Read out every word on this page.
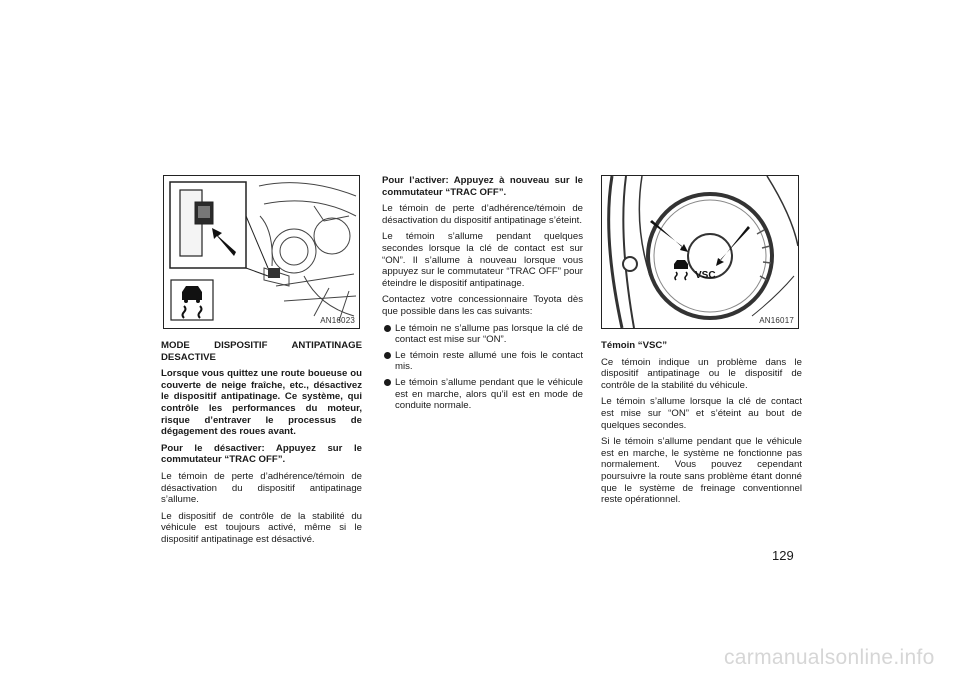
AN16023
VSC
AN16017

MODE DISPOSITIF ANTIPATINAGE

DESACTIVE

Lorsque vous quittez une route boueuse ou couverte de neige fraîche, etc., désactivez le dispositif antipatinage. Ce système, qui contrôle les performances du moteur, risque d’entraver le processus de dégagement des roues avant.

Pour le désactiver: Appuyez sur le commutateur “TRAC OFF”.

Le témoin de perte d’adhérence/témoin de désactivation du dispositif antipatinage s’allume.

Le dispositif de contrôle de la stabilité du véhicule est toujours activé, même si le dispositif antipatinage est désactivé.

Pour l’activer: Appuyez à nouveau sur le commutateur “TRAC OFF”.

Le témoin de perte d’adhérence/témoin de désactivation du dispositif antipatinage s’éteint.

Le témoin s’allume pendant quelques secondes lorsque la clé de contact est sur “ON”. Il s’allume à nouveau lorsque vous appuyez sur le commutateur “TRAC OFF” pour éteindre le dispositif antipatinage.

Contactez votre concessionnaire Toyota dès que possible dans les cas suivants:

Le témoin ne s’allume pas lorsque la clé de contact est mise sur “ON”.
Le témoin reste allumé une fois le contact mis.
Le témoin s’allume pendant que le véhicule est en marche, alors qu’il est en mode de conduite normale.

Témoin “VSC”

Ce témoin indique un problème dans le dispositif antipatinage ou le dispositif de contrôle de la stabilité du véhicule.

Le témoin s’allume lorsque la clé de contact est mise sur “ON” et s’éteint au bout de quelques secondes.

Si le témoin s’allume pendant que le véhicule est en marche, le système ne fonctionne pas normalement. Vous pouvez cependant poursuivre la route sans problème étant donné que le système de freinage conventionnel reste opérationnel.

129
carmanualsonline.info
